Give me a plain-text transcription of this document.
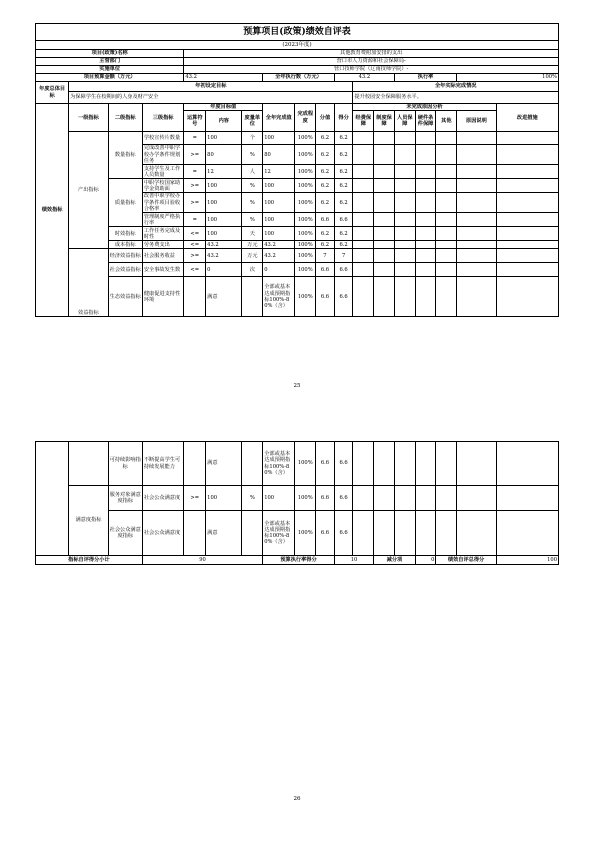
预算项目(政策)绩效自评表																	
(2023年度)																	
项目(政策)名称				其他教育费附加安排的支出													
主管部门				营口市人力资源和社会保障局-													
实施单位				营口技师学院（辽南技师学院）-													
项目预算金额（万元）				43.2			全年执行数（万元）			43.2			执行率			100%	
年度总体目标	年初设定目标										全年实际完成情况						
	为保障学生在校期间的人身及财产安全										提升校园安全保障服务水平。						

绩效指标	一级指标	二级指标	三级指标	年度目标值			全年完成值	完成程度	分值	得分	未完成原因分析						改进措施
				运算符号	内容	度量单位					经费保障	制度保障	人员保障	硬件条件保障	其他	原因说明	
	产出指标	数量指标	学校宣传片数量	=	100	个	100	100%	6.2	6.2							
			完成改善中职学校办学条件规划任务	>=	80	%	80	100%	6.2	6.2							
			支持学生及工作人员数量	=	12	人	12	100%	6.2	6.2							
		质量指标	中职学校国家助学金资助面	>=	100	%	100	100%	6.2	6.2							
			改善中职学校办学条件项目验收合格率	>=	100	%	100	100%	6.2	6.2							
			管理制度严格执行率	=	100	%	100	100%	6.6	6.6							
		时效指标	工作任务完成及时性	<=	100	天	100	100%	6.2	6.2							
		成本指标	劳务费支出	<=	43.2	万元	43.2	100%	6.2	6.2							
	效益指标	经济效益指标	社会服务收益	>=	43.2	万元	43.2	100%	7	7							
		社会效益指标	安全事故发生数	<=	0	次	0	100%	6.6	6.6							
		生态效益指标	健康促进支持性环境		满意		全部或基本达成预期指标100%-80%（含）	100%	6.6	6.6							
25
		可持续影响指标	不断提高学生可持续发展能力		满意		全部或基本达成预期指标100%-80%（含）	100%	6.6	6.6							
	满意度指标	服务对象满意度指标	社会公众满意度	>=	100	%	100	100%	6.6	6.6							
		社会公众满意度指标	社会公众满意度		满意		全部或基本达成预期指标100%-80%（含）	100%	6.6	6.6							
指标自评得分小计			90				预算执行率得分			10		减分项		0	绩效自评总得分		100
26
